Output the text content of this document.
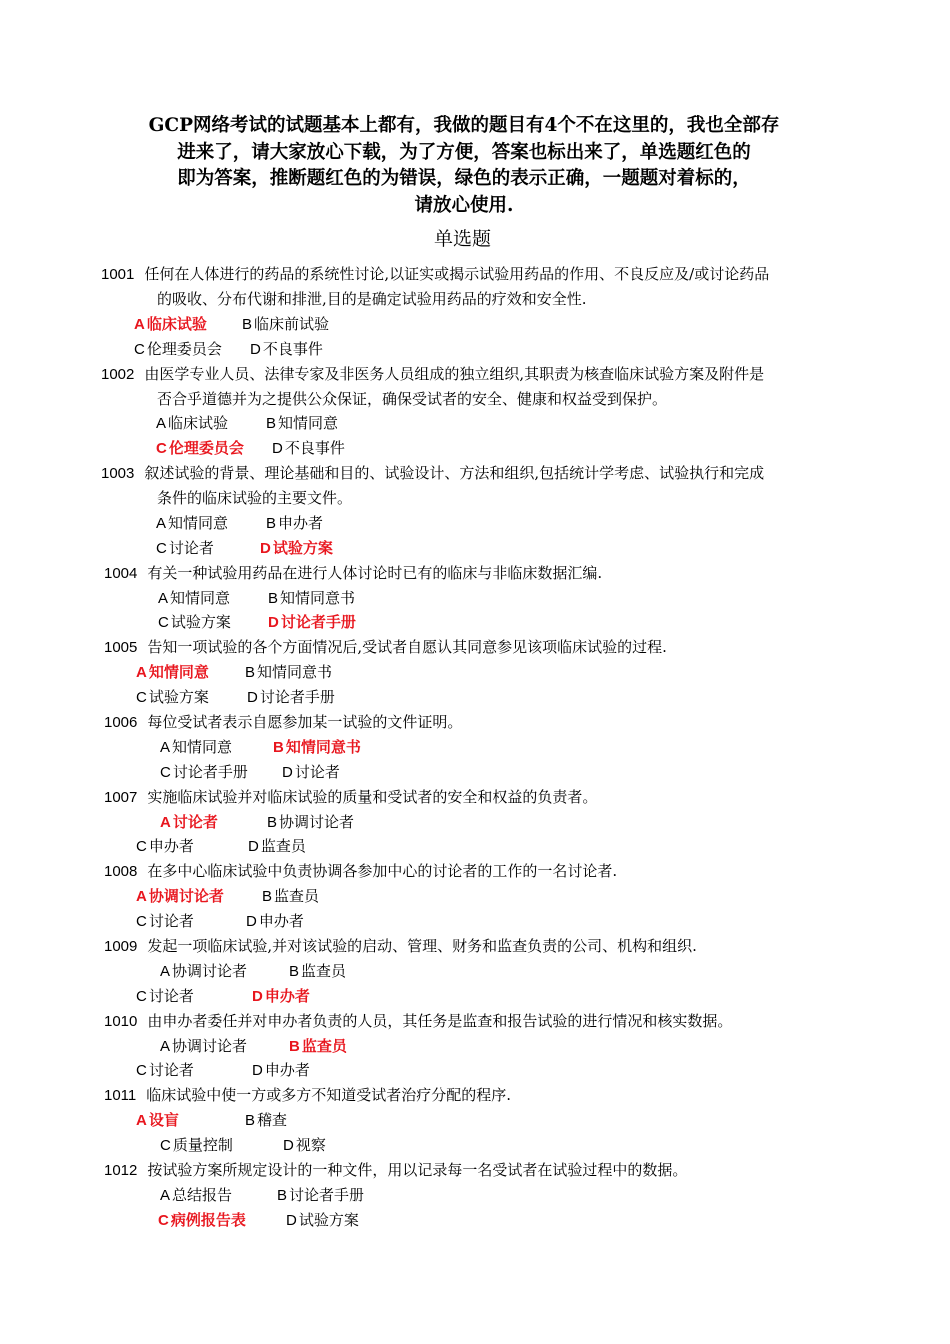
GCP网络考试的试题基本上都有，我做的题目有4个不在这里的，我也全部存
进来了，请大家放心下载，为了方便，答案也标出来了，单选题红色的
即为答案，推断题红色的为错误，绿色的表示正确，一题题对着标的，
请放心使用.
单选题
1001 任何在人体进行的药品的系统性讨论,以证实或揭示试验用药品的作用、不良反应及/或讨论药品
的吸收、分布代谢和排泄,目的是确定试验用药品的疗效和安全性.
A 临床试验 B 临床前试验
C 伦理委员会 D 不良事件
1002 由医学专业人员、法律专家及非医务人员组成的独立组织,其职责为核查临床试验方案及附件是
否合乎道德并为之提供公众保证，确保受试者的安全、健康和权益受到保护。
A 临床试验	B 知情同意
C 伦理委员会 D 不良事件
1003 叙述试验的背景、理论基础和目的、试验设计、方法和组织,包括统计学考虑、试验执行和完成
条件的临床试验的主要文件。
A 知情同意	B 申办者
C 讨论者	D 试验方案
1004 有关一种试验用药品在进行人体讨论时已有的临床与非临床数据汇编.
A 知情同意	B 知情同意书
C 试验方案 D 讨论者手册
1005 告知一项试验的各个方面情况后,受试者自愿认其同意参见该项临床试验的过程.
A 知情同意 B 知情同意书
C 试验方案	D 讨论者手册
1006 每位受试者表示自愿参加某一试验的文件证明。
A 知情同意	B 知情同意书
C 讨论者手册 D 讨论者
1007 实施临床试验并对临床试验的质量和受试者的安全和权益的负责者。
A 讨论者	B 协调讨论者
C 申办者	D 监查员
1008 在多中心临床试验中负责协调各参加中心的讨论者的工作的一名讨论者.
A 协调讨论者	B 监查员
C 讨论者	D 申办者
1009 发起一项临床试验,并对该试验的启动、管理、财务和监查负责的公司、机构和组织.
A 协调讨论者	B 监查员
C 讨论者	D 申办者
1010 由申办者委任并对申办者负责的人员，其任务是监查和报告试验的进行情况和核实数据。
A 协调讨论者	B 监查员
C 讨论者	D 申办者
1011 临床试验中使一方或多方不知道受试者治疗分配的程序.
A 设盲	B 稽查
C 质量控制	D 视察
1012 按试验方案所规定设计的一种文件，用以记录每一名受试者在试验过程中的数据。
A 总结报告	B 讨论者手册
C 病例报告表	D 试验方案
